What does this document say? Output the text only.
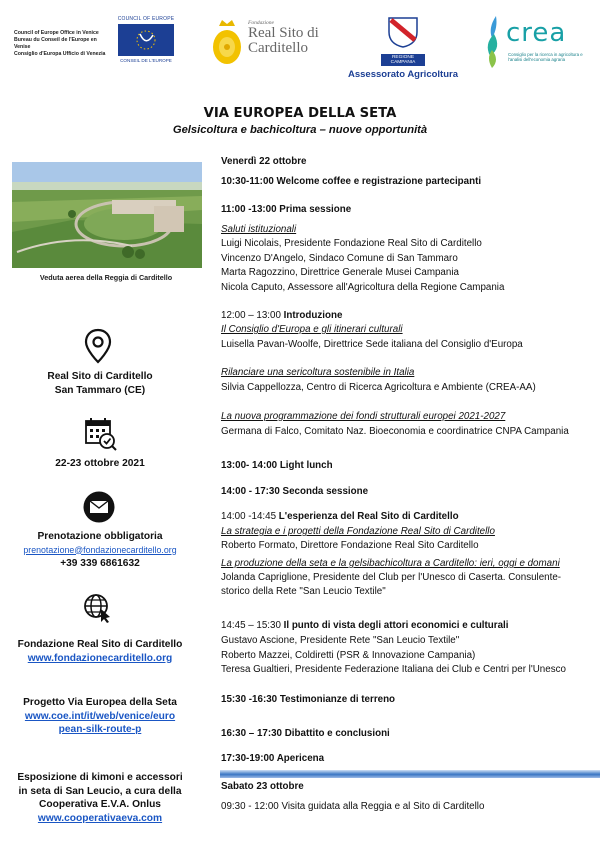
Council of Europe Office in Venice
Bureau du Conseil de l'Europe en Venise
Consiglio d'Europa Ufficio di Venezia
COUNCIL OF EUROPE
CONSEIL DE L'EUROPE
Fondazione
Real Sito di
Carditello
REGIONE CAMPANIA
Assessorato Agricoltura
crea
Consiglio per la ricerca in agricoltura e l'analisi dell'economia agraria
VIA EUROPEA DELLA SETA
Gelsicoltura e bachicoltura – nuove opportunità
Veduta aerea della Reggia di Carditello
Real Sito di Carditello
San Tammaro (CE)
22-23 ottobre 2021
Prenotazione obbligatoria
prenotazione@fondazionecarditello.org
+39 339 6861632
Fondazione Real Sito di Carditello
www.fondazionecarditello.org
Progetto Via Europea della Seta
www.coe.int/it/web/venice/euro
pean-silk-route-p
Esposizione di kimoni e accessori
in seta di San Leucio, a cura della
Cooperativa E.V.A. Onlus
www.cooperativaeva.com
Venerdì 22 ottobre
10:30-11:00 Welcome coffee e registrazione partecipanti
11:00 -13:00 Prima sessione
Saluti istituzionali
Luigi Nicolais, Presidente Fondazione Real Sito di Carditello
Vincenzo D'Angelo, Sindaco Comune di San Tammaro
Marta Ragozzino, Direttrice Generale Musei Campania
Nicola Caputo, Assessore all'Agricoltura della Regione Campania
12:00 – 13:00 Introduzione
Il Consiglio d'Europa e gli itinerari culturali
Luisella Pavan-Woolfe, Direttrice Sede italiana del Consiglio d'Europa
Rilanciare una sericoltura sostenibile in Italia
Silvia Cappellozza, Centro di Ricerca Agricoltura e Ambiente (CREA-AA)
La nuova programmazione dei fondi strutturali europei 2021-2027
Germana di Falco, Comitato Naz. Bioeconomia e coordinatrice CNPA Campania
13:00- 14:00 Light lunch
14:00 - 17:30 Seconda sessione
14:00 -14:45 L'esperienza del Real Sito di Carditello
La strategia e i progetti della Fondazione Real Sito di Carditello
Roberto Formato, Direttore Fondazione Real Sito Carditello
La produzione della seta e la gelsibachicoltura a Carditello: ieri, oggi e domani
Jolanda Capriglione, Presidente del Club per l'Unesco di Caserta. Consulente-
storico della Rete "San Leucio Textile"
14:45 – 15:30 Il punto di vista degli attori economici e culturali
Gustavo Ascione, Presidente Rete "San Leucio Textile"
Roberto Mazzei, Coldiretti (PSR & Innovazione Campania)
Teresa Gualtieri, Presidente Federazione Italiana dei Club e Centri per l'Unesco
15:30 -16:30 Testimonianze di terreno
16:30 – 17:30 Dibattito e conclusioni
17:30-19:00 Apericena
Sabato 23 ottobre
09:30 - 12:00 Visita guidata alla Reggia e al Sito di Carditello
